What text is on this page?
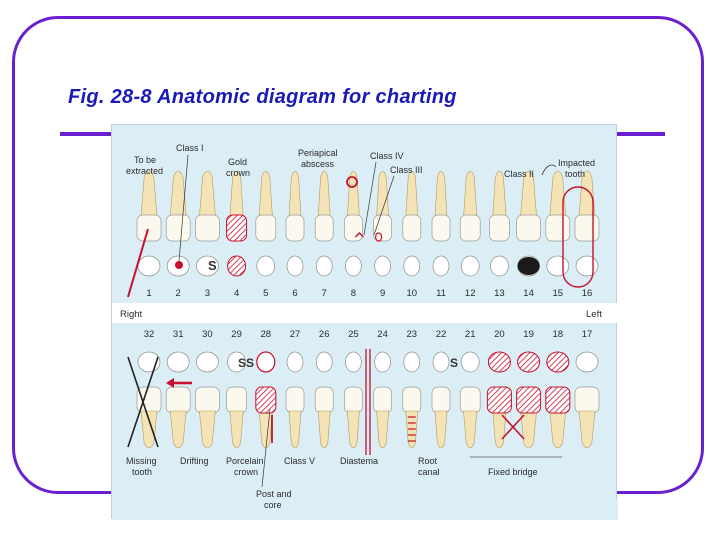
Fig. 28-8 Anatomic diagram for charting
1	2	3	4	5	6	7	8	9 10 11 12 13 14 15 16
32 31 30 29 28 27 26 25 24 23 22 21 20 19 18 17
Right	Left
To be
extracted
Class I
Gold
crown
Periapical
abscess
Class IV
Class III	Class II
Impacted
tooth
S
Missing
tooth
Drifting Porcelain
crown
Class V	Diastema	Root
canal	Fixed bridge
Post and
core
SS	S
